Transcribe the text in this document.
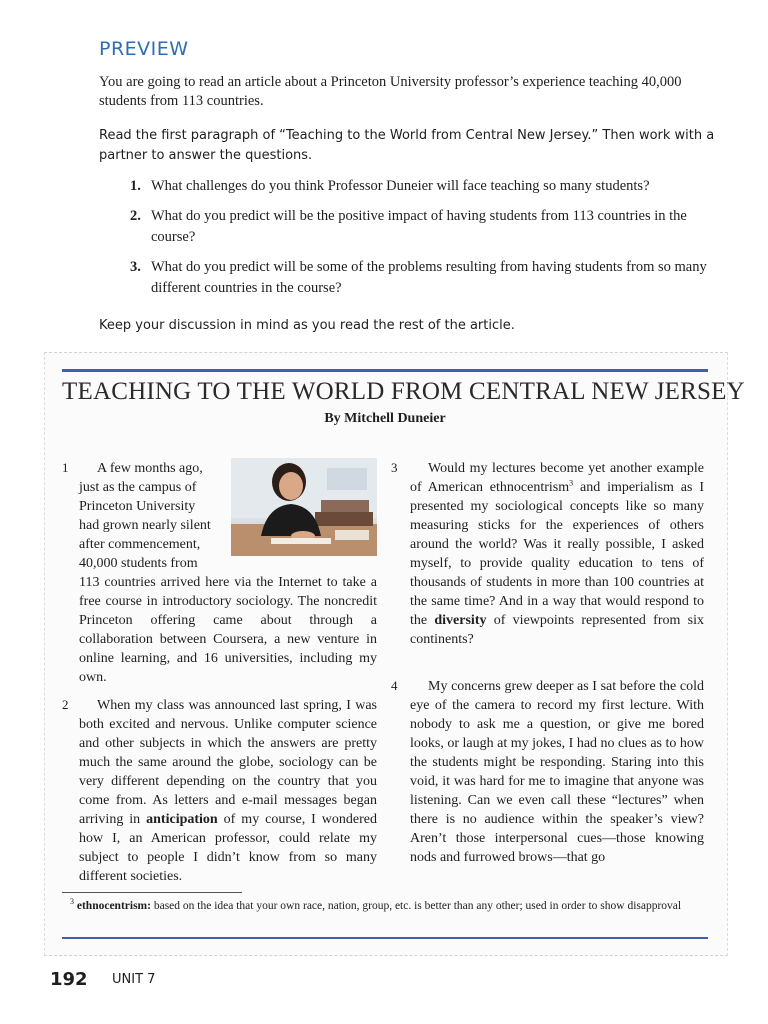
PREVIEW
You are going to read an article about a Princeton University professor’s experience teaching 40,000 students from 113 countries.
Read the first paragraph of “Teaching to the World from Central New Jersey.” Then work with a partner to answer the questions.
1. What challenges do you think Professor Duneier will face teaching so many students?
2. What do you predict will be the positive impact of having students from 113 countries in the course?
3. What do you predict will be some of the problems resulting from having students from so many different countries in the course?
Keep your discussion in mind as you read the rest of the article.
TEACHING TO THE WORLD FROM CENTRAL NEW JERSEY
By Mitchell Duneier
1	A few months ago,
just as the campus of
Princeton University
had grown nearly silent
after commencement,
40,000 students from
113 countries arrived here via the Internet to take a free course in introductory sociology. The noncredit Princeton offering came about through a collaboration between Coursera, a new venture in online learning, and 16 universities, including my own.
2	When my class was announced last spring, I was both excited and nervous. Unlike computer science and other subjects in which the answers are pretty much the same around the globe, sociology can be very different depending on the country that you come from. As letters and e-mail messages began arriving in anticipation of my course, I wondered how I, an American professor, could relate my subject to people I didn’t know from so many different societies.
3	Would my lectures become yet another example of American ethnocentrism$^3$ and imperialism as I presented my sociological concepts like so many measuring sticks for the experiences of others around the world? Was it really possible, I asked myself, to provide quality education to tens of thousands of students in more than 100 countries at the same time? And in a way that would respond to the diversity of viewpoints represented from six continents?
4	My concerns grew deeper as I sat before the cold eye of the camera to record my first lecture. With nobody to ask me a question, or give me bored looks, or laugh at my jokes, I had no clues as to how the students might be responding. Staring into this void, it was hard for me to imagine that anyone was listening. Can we even call these “lectures” when there is no audience within the speaker’s view? Aren’t those interpersonal cues—those knowing nods and furrowed brows—that go
$^3$ ethnocentrism: based on the idea that your own race, nation, group, etc. is better than any other; used in order to show disapproval
192 UNIT 7
